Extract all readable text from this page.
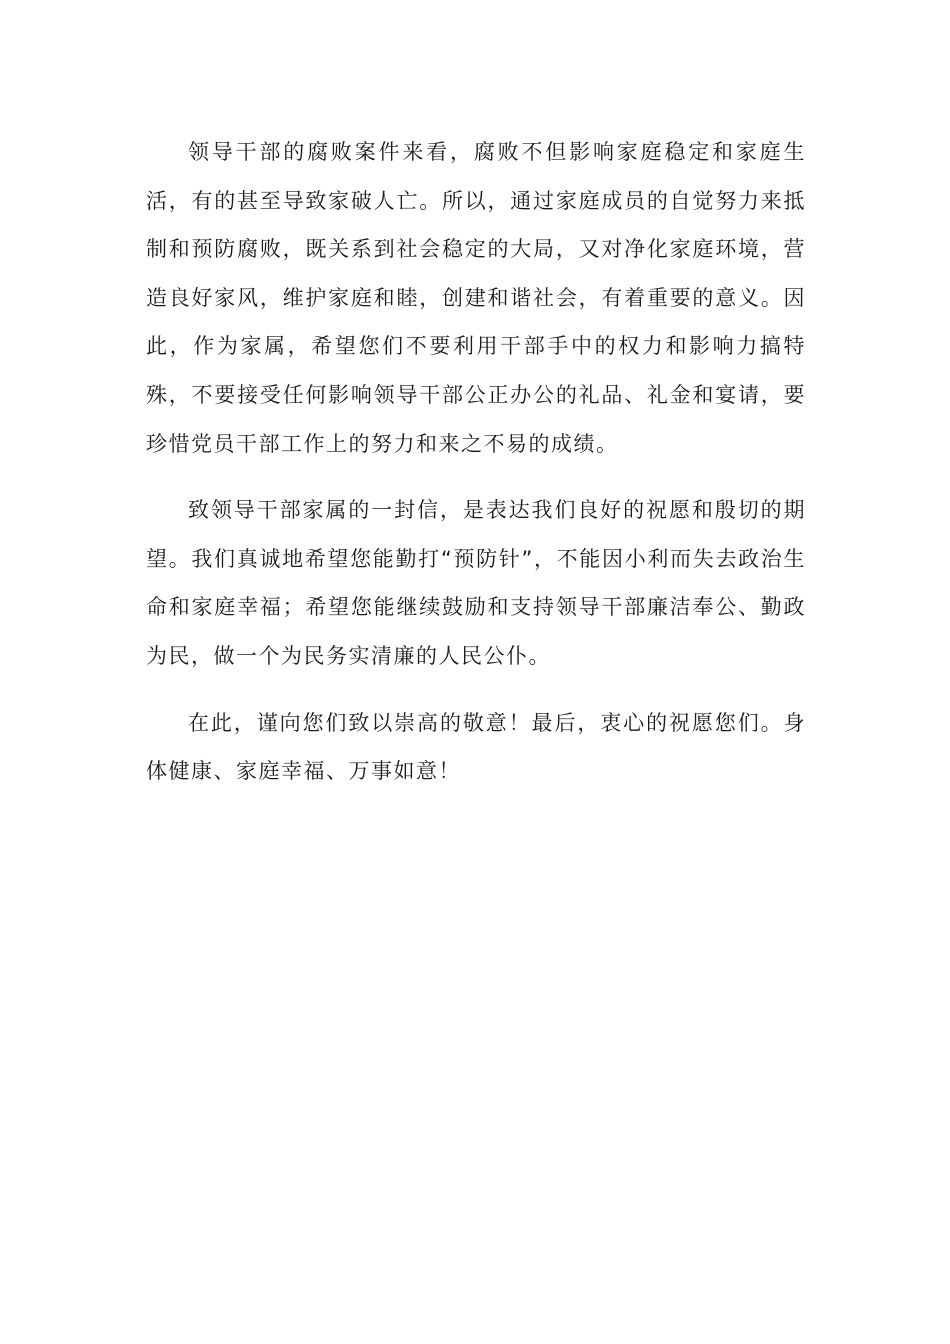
领导干部的腐败案件来看，腐败不但影响家庭稳定和家庭生活，有的甚至导致家破人亡。所以，通过家庭成员的自觉努力来抵制和预防腐败，既关系到社会稳定的大局，又对净化家庭环境，营造良好家风，维护家庭和睦，创建和谐社会，有着重要的意义。因此，作为家属，希望您们不要利用干部手中的权力和影响力搞特殊，不要接受任何影响领导干部公正办公的礼品、礼金和宴请，要珍惜党员干部工作上的努力和来之不易的成绩。

致领导干部家属的一封信，是表达我们良好的祝愿和殷切的期望。我们真诚地希望您能勤打“预防针”，不能因小利而失去政治生命和家庭幸福；希望您能继续鼓励和支持领导干部廉洁奉公、勤政为民，做一个为民务实清廉的人民公仆。

在此，谨向您们致以崇高的敬意！最后，衷心的祝愿您们。身体健康、家庭幸福、万事如意！
